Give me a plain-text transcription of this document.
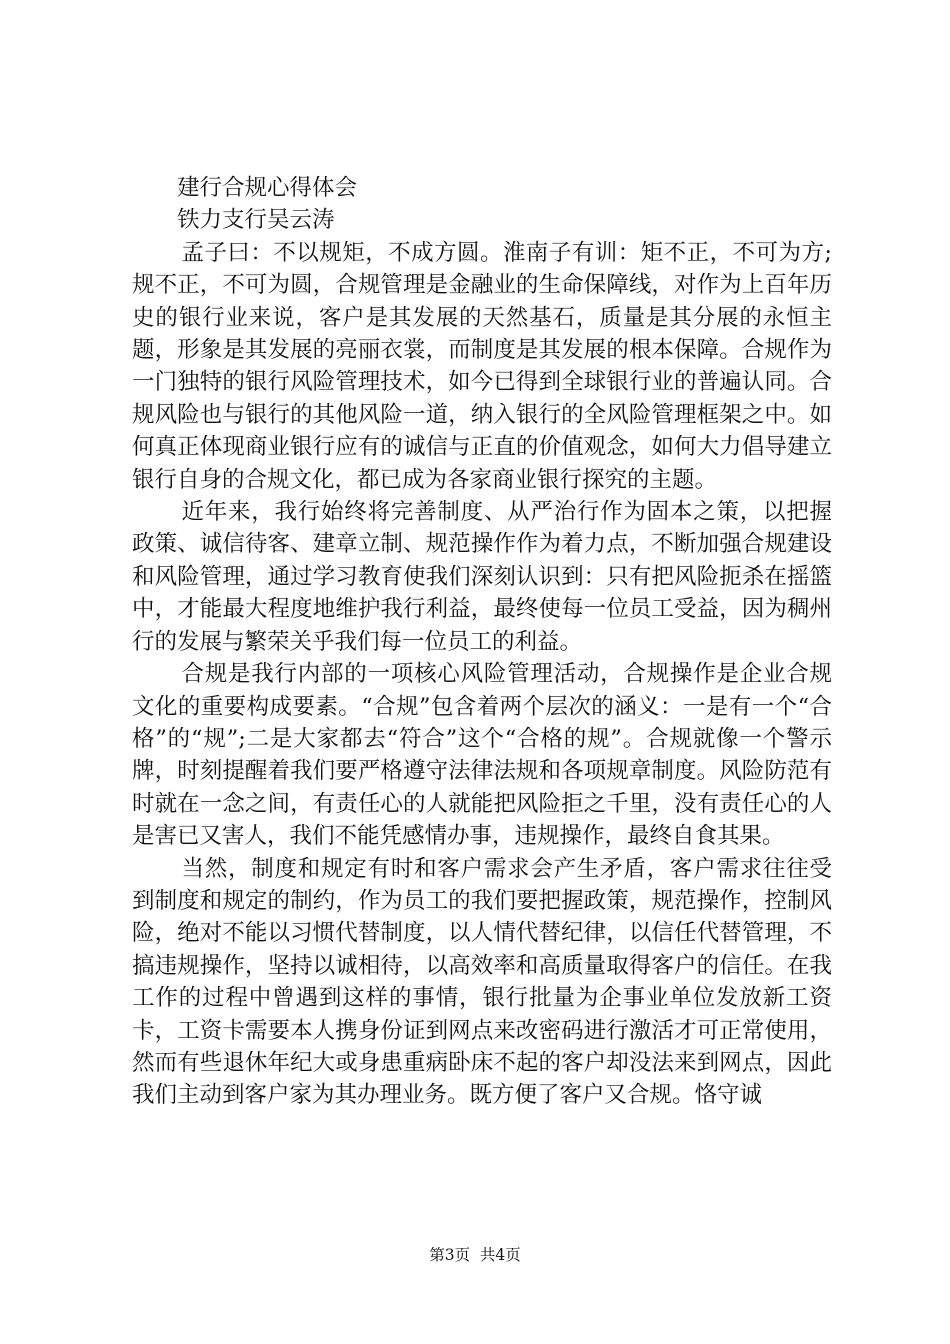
建行合规心得体会

铁力支行吴云涛

孟子曰：不以规矩，不成方圆。淮南子有训：矩不正，不可为方;规不正，不可为圆，合规管理是金融业的生命保障线，对作为上百年历史的银行业来说，客户是其发展的天然基石，质量是其分展的永恒主题，形象是其发展的亮丽衣裳，而制度是其发展的根本保障。合规作为一门独特的银行风险管理技术，如今已得到全球银行业的普遍认同。合规风险也与银行的其他风险一道，纳入银行的全风险管理框架之中。如何真正体现商业银行应有的诚信与正直的价值观念，如何大力倡导建立银行自身的合规文化，都已成为各家商业银行探究的主题。

近年来，我行始终将完善制度、从严治行作为固本之策，以把握政策、诚信待客、建章立制、规范操作作为着力点，不断加强合规建设和风险管理，通过学习教育使我们深刻认识到：只有把风险扼杀在摇篮中，才能最大程度地维护我行利益，最终使每一位员工受益，因为稠州行的发展与繁荣关乎我们每一位员工的利益。

合规是我行内部的一项核心风险管理活动，合规操作是企业合规文化的重要构成要素。“合规”包含着两个层次的涵义：一是有一个“合格”的“规”;二是大家都去“符合”这个“合格的规”。合规就像一个警示牌，时刻提醒着我们要严格遵守法律法规和各项规章制度。风险防范有时就在一念之间，有责任心的人就能把风险拒之千里，没有责任心的人是害已又害人，我们不能凭感情办事，违规操作，最终自食其果。

当然，制度和规定有时和客户需求会产生矛盾，客户需求往往受到制度和规定的制约，作为员工的我们要把握政策，规范操作，控制风险，绝对不能以习惯代替制度，以人情代替纪律，以信任代替管理，不搞违规操作，坚持以诚相待，以高效率和高质量取得客户的信任。在我工作的过程中曾遇到这样的事情，银行批量为企事业单位发放新工资卡，工资卡需要本人携身份证到网点来改密码进行激活才可正常使用，然而有些退休年纪大或身患重病卧床不起的客户却没法来到网点，因此我们主动到客户家为其办理业务。既方便了客户又合规。恪守诚

第3页  共4页
